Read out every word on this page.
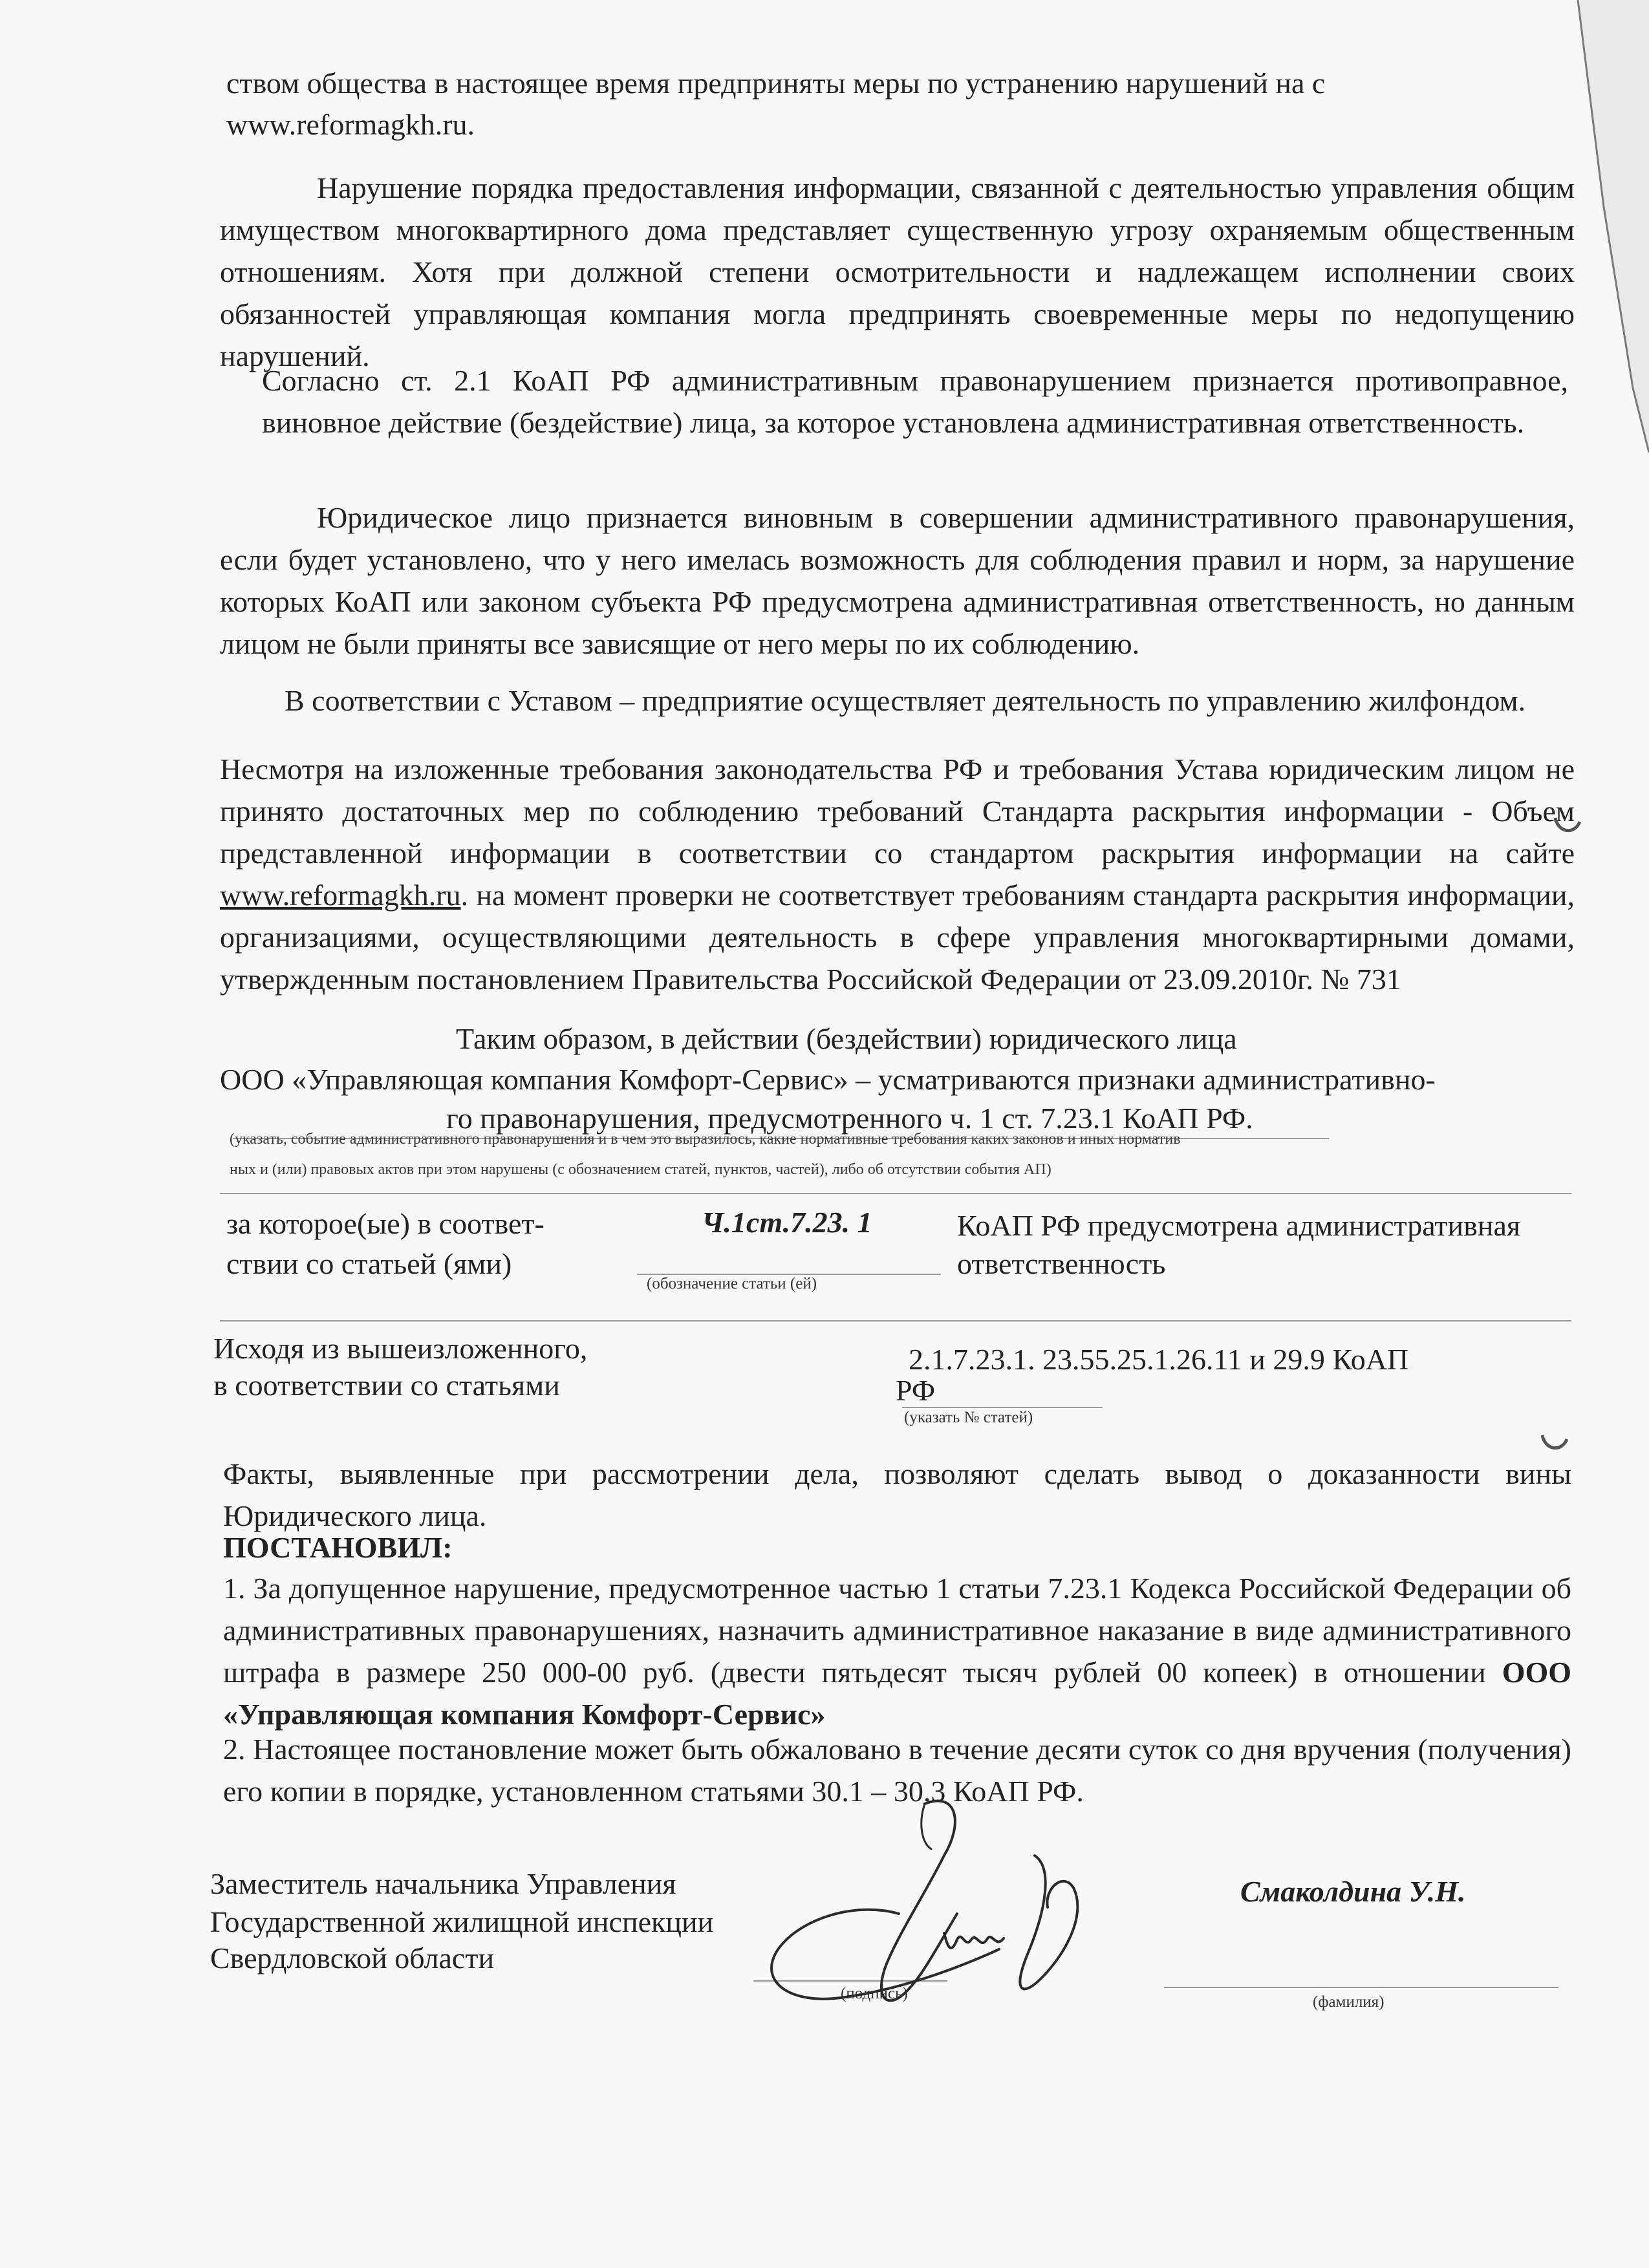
ством общества в настоящее время предприняты меры по устранению нарушений на с

www.reformagkh.ru.

Нарушение порядка предоставления информации, связанной с деятельностью управления общим имуществом многоквартирного дома представляет существенную угрозу охраняемым общественным отношениям. Хотя при должной степени осмотрительности и надлежащем исполнении своих обязанностей управляющая компания могла предпринять своевременные меры по недопущению нарушений.

Согласно ст. 2.1 КоАП РФ административным правонарушением признается противоправное, виновное действие (бездействие) лица, за которое установлена административная ответственность.

Юридическое лицо признается виновным в совершении административного правонарушения, если будет установлено, что у него имелась возможность для соблюдения правил и норм, за нарушение которых КоАП или законом субъекта РФ предусмотрена административная ответственность, но данным лицом не были приняты все зависящие от него меры по их соблюдению.

В соответствии с Уставом – предприятие осуществляет деятельность по управлению жилфондом.

Несмотря на изложенные требования законодательства РФ и требования Устава юридическим лицом не принято достаточных мер по соблюдению требований Стандарта раскрытия информации - Объем представленной информации в соответствии со стандартом раскрытия информации на сайте www.reformagkh.ru. на момент проверки не соответствует требованиям стандарта раскрытия информации, организациями, осуществляющими деятельность в сфере управления многоквартирными домами, утвержденным постановлением Правительства Российской Федерации от 23.09.2010г. № 731

Таким образом, в действии (бездействии) юридического лица

ООО «Управляющая компания Комфорт-Сервис» – усматриваются признаки административно-

го правонарушения, предусмотренного ч. 1 ст. 7.23.1 КоАП РФ.

(указать, событие административного правонарушения и в чем это выразилось, какие нормативные требования каких законов и иных норматив

ных и (или) правовых актов при этом нарушены (с обозначением статей, пунктов, частей), либо об отсутствии события АП)

за которое(ые) в соответ-

ствии со статьей (ями)

Ч.1ст.7.23. 1

(обозначение статьи (ей)

КоАП РФ предусмотрена административная

ответственность

Исходя из вышеизложенного,

в соответствии со статьями

2.1.7.23.1. 23.55.25.1.26.11 и 29.9 КоАП

РФ

(указать № статей)

Факты, выявленные при рассмотрении дела, позволяют сделать вывод о доказанности вины Юридического лица.

ПОСТАНОВИЛ:

1. За допущенное нарушение, предусмотренное частью 1 статьи 7.23.1 Кодекса Российской Федерации об административных правонарушениях, назначить административное наказание в виде административного штрафа в размере 250 000-00 руб. (двести пятьдесят тысяч рублей 00 копеек) в отношении ООО «Управляющая компания Комфорт-Сервис»

2. Настоящее постановление может быть обжаловано в течение десяти суток со дня вручения (получения) его копии в порядке, установленном статьями 30.1 – 30.3 КоАП РФ.

Заместитель начальника Управления

Государственной жилищной инспекции

Свердловской области

(подпись)

Смаколдина У.Н.

(фамилия)
